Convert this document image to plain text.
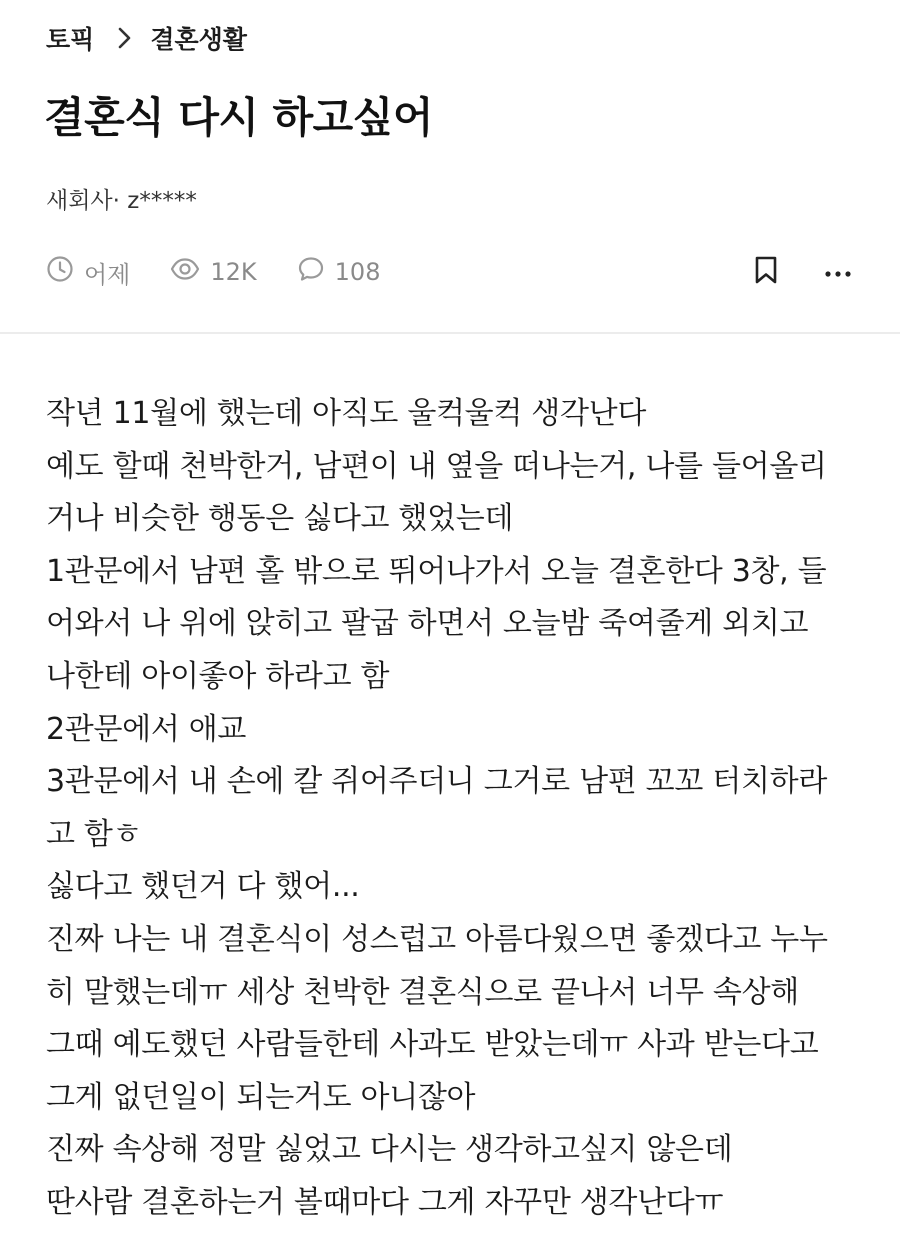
토픽 결혼생활
결혼식 다시 하고싶어
새회사· z*****
어제	12K	108
작년 11월에 했는데 아직도 울컥울컥 생각난다
예도 할때 천박한거, 남편이 내 옆을 떠나는거, 나를 들어올리
거나 비슷한 행동은 싫다고 했었는데
1관문에서 남편 홀 밖으로 뛰어나가서 오늘 결혼한다 3창, 들
어와서 나 위에 앉히고 팔굽 하면서 오늘밤 죽여줄게 외치고
나한테 아이좋아 하라고 함
2관문에서 애교
3관문에서 내 손에 칼 쥐어주더니 그거로 남편 꼬꼬 터치하라
고 함ㅎ
싫다고 했던거 다 했어...
진짜 나는 내 결혼식이 성스럽고 아름다웠으면 좋겠다고 누누
히 말했는데ㅠ 세상 천박한 결혼식으로 끝나서 너무 속상해
그때 예도했던 사람들한테 사과도 받았는데ㅠ 사과 받는다고
그게 없던일이 되는거도 아니잖아
진짜 속상해 정말 싫었고 다시는 생각하고싶지 않은데
딴사람 결혼하는거 볼때마다 그게 자꾸만 생각난다ㅠ
